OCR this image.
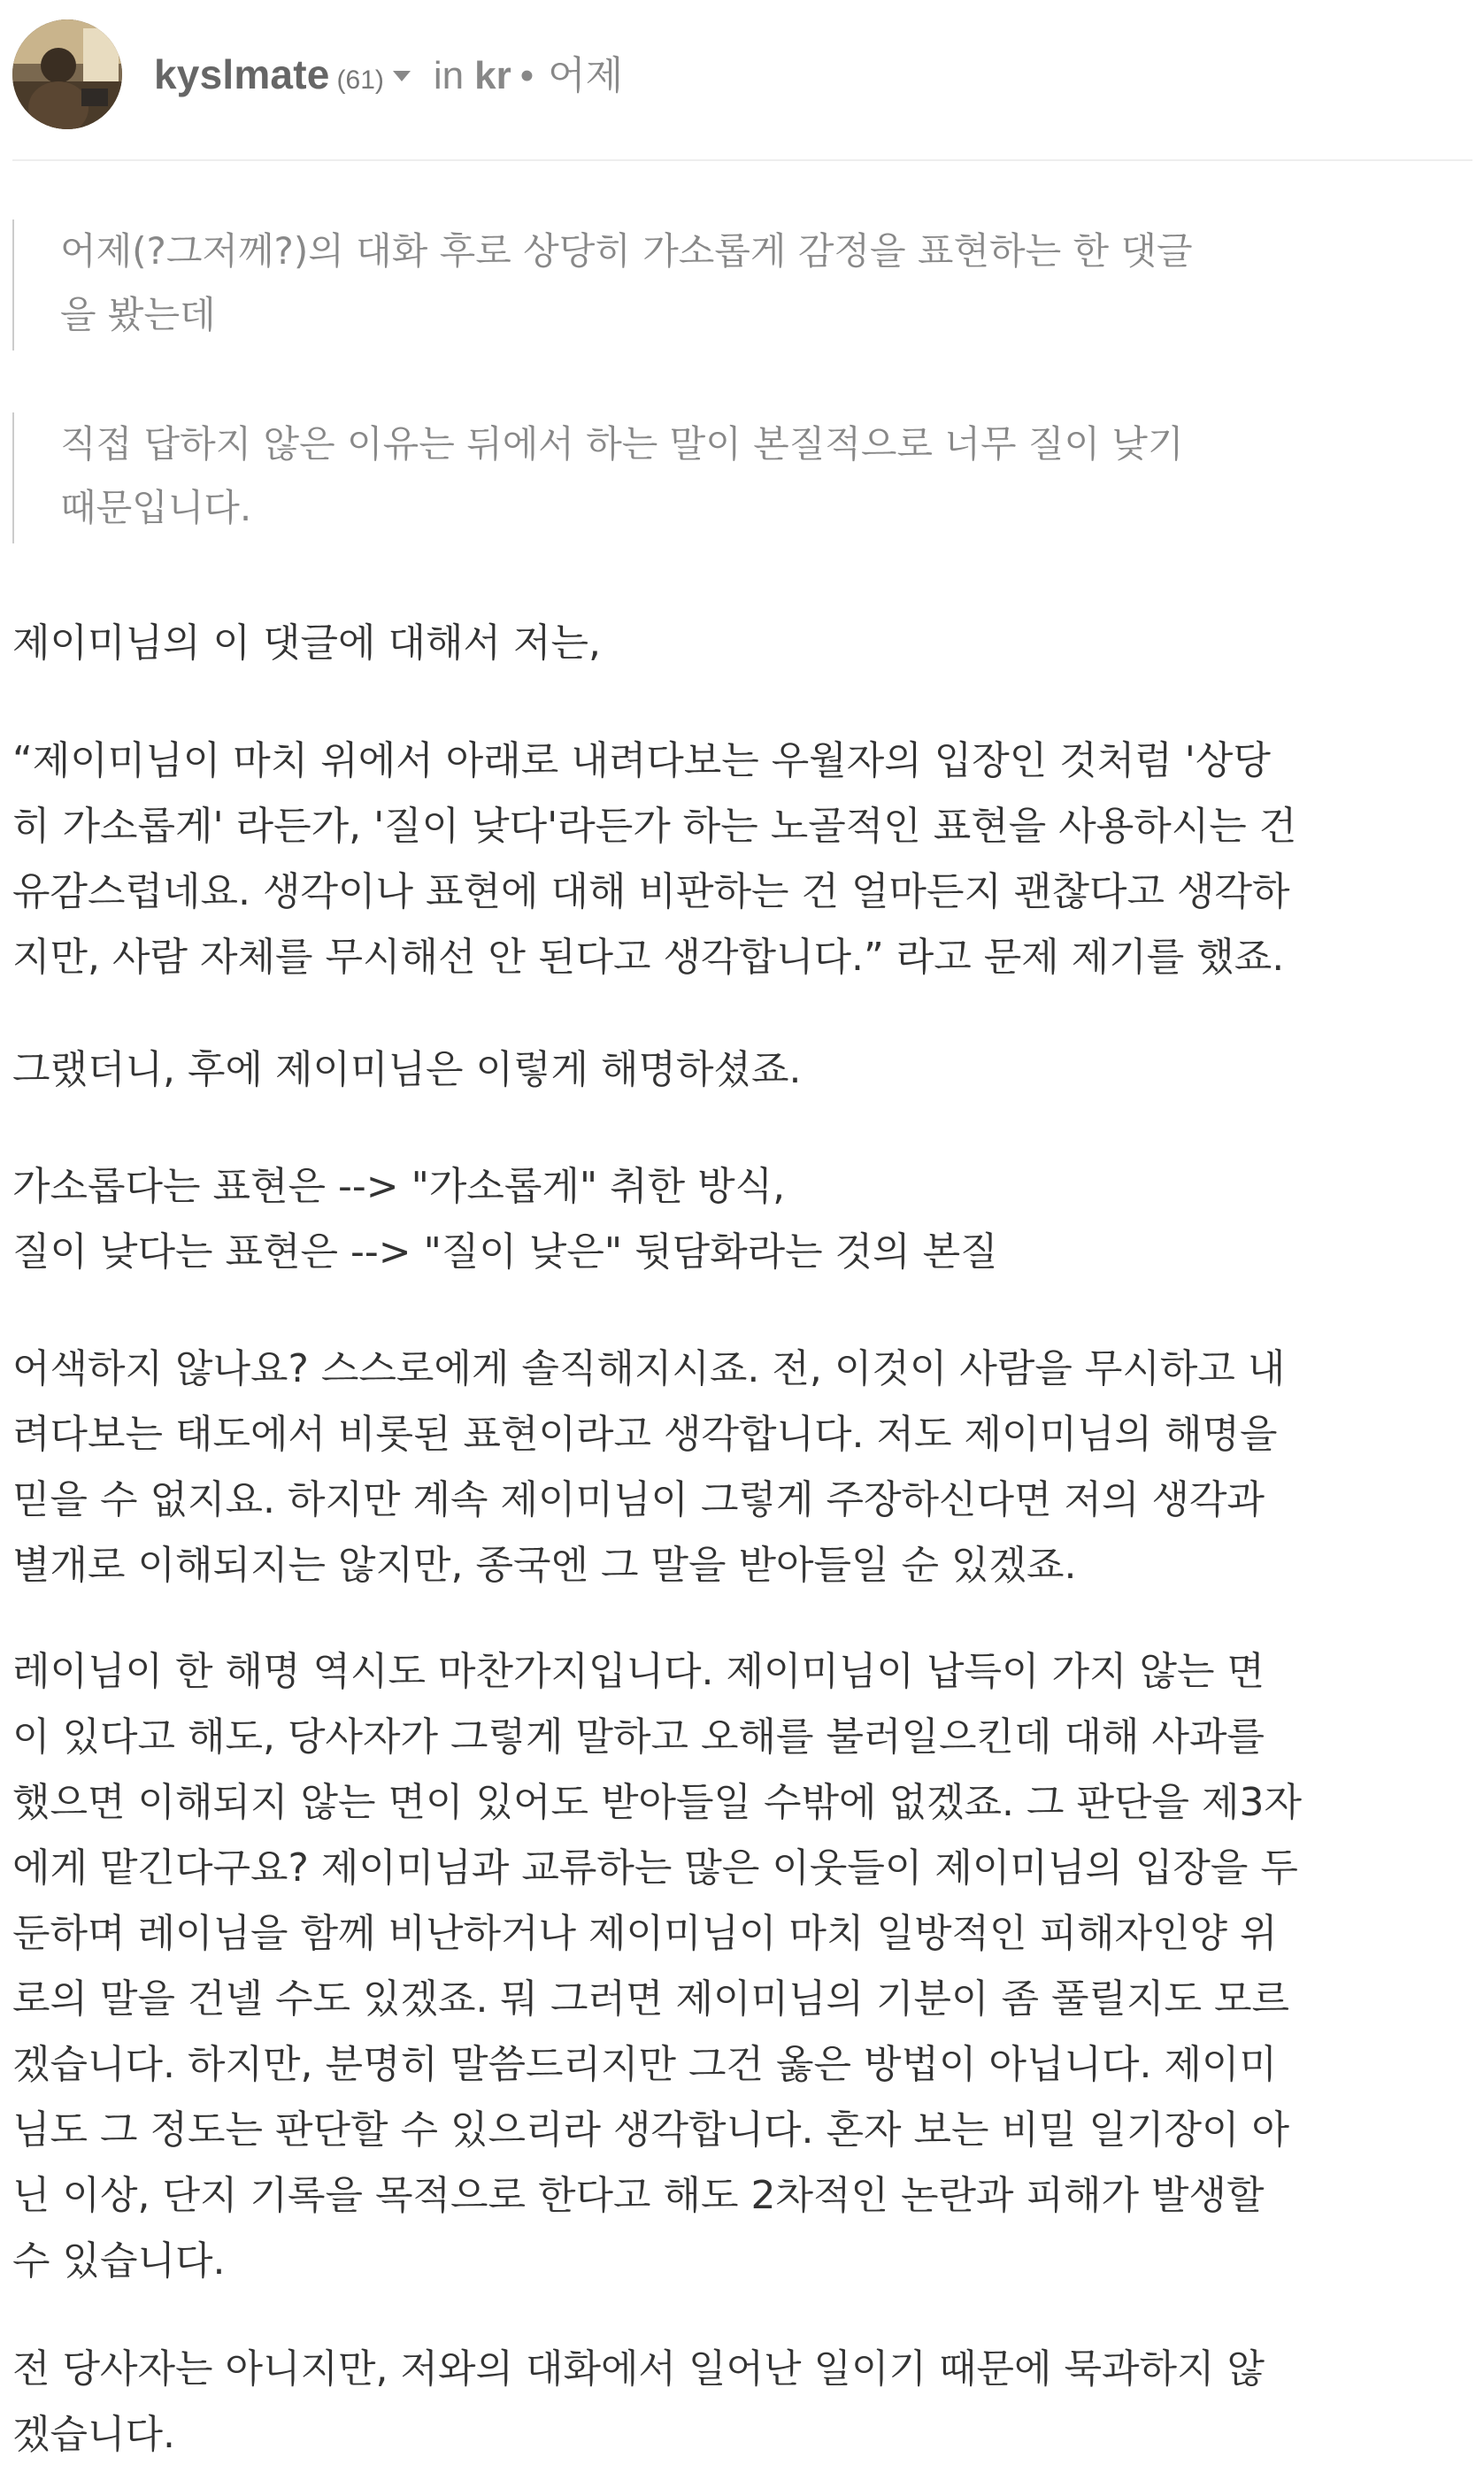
kyslmate (61) in kr • 어제
어제(?그저께?)의 대화 후로 상당히 가소롭게 감정을 표현하는 한 댓글
을 봤는데
직접 답하지 않은 이유는 뒤에서 하는 말이 본질적으로 너무 질이 낮기
때문입니다.

제이미님의 이 댓글에 대해서 저는,

“제이미님이 마치 위에서 아래로 내려다보는 우월자의 입장인 것처럼 '상당
히 가소롭게' 라든가, '질이 낮다'라든가 하는 노골적인 표현을 사용하시는 건
유감스럽네요. 생각이나 표현에 대해 비판하는 건 얼마든지 괜찮다고 생각하
지만, 사람 자체를 무시해선 안 된다고 생각합니다.” 라고 문제 제기를 했죠.

그랬더니, 후에 제이미님은 이렇게 해명하셨죠.

가소롭다는 표현은 --> "가소롭게" 취한 방식,
질이 낮다는 표현은 --> "질이 낮은" 뒷담화라는 것의 본질

어색하지 않나요? 스스로에게 솔직해지시죠. 전, 이것이 사람을 무시하고 내
려다보는 태도에서 비롯된 표현이라고 생각합니다. 저도 제이미님의 해명을
믿을 수 없지요. 하지만 계속 제이미님이 그렇게 주장하신다면 저의 생각과
별개로 이해되지는 않지만, 종국엔 그 말을 받아들일 순 있겠죠.

레이님이 한 해명 역시도 마찬가지입니다. 제이미님이 납득이 가지 않는 면
이 있다고 해도, 당사자가 그렇게 말하고 오해를 불러일으킨데 대해 사과를
했으면 이해되지 않는 면이 있어도 받아들일 수밖에 없겠죠. 그 판단을 제3자
에게 맡긴다구요? 제이미님과 교류하는 많은 이웃들이 제이미님의 입장을 두
둔하며 레이님을 함께 비난하거나 제이미님이 마치 일방적인 피해자인양 위
로의 말을 건넬 수도 있겠죠. 뭐 그러면 제이미님의 기분이 좀 풀릴지도 모르
겠습니다. 하지만, 분명히 말씀드리지만 그건 옳은 방법이 아닙니다. 제이미
님도 그 정도는 판단할 수 있으리라 생각합니다. 혼자 보는 비밀 일기장이 아
닌 이상, 단지 기록을 목적으로 한다고 해도 2차적인 논란과 피해가 발생할
수 있습니다.

전 당사자는 아니지만, 저와의 대화에서 일어난 일이기 때문에 묵과하지 않
겠습니다.
